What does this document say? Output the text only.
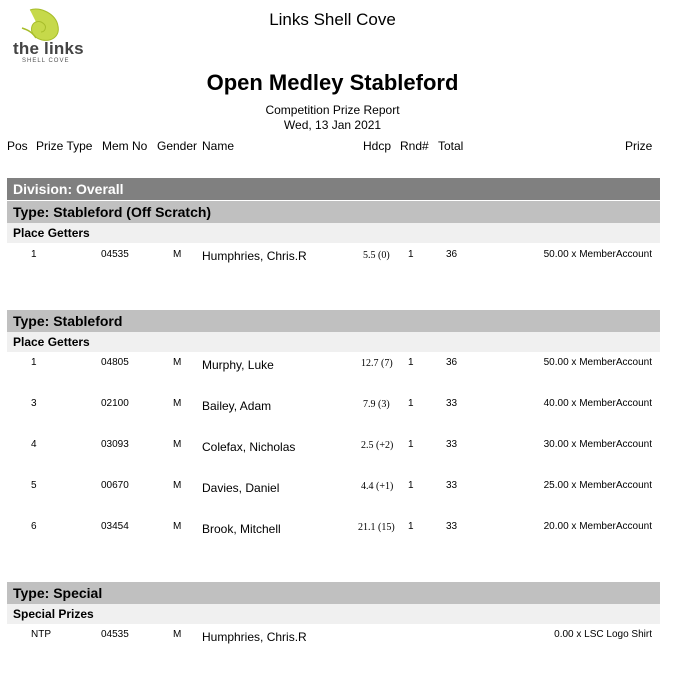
the links
SHELL COVE
Links Shell Cove
Open Medley Stableford
Competition Prize Report
Wed, 13 Jan 2021
Pos Prize Type Mem No Gender Name	Hdcp Rnd# Total	Prize
Division: Overall
Type: Stableford (Off Scratch)
Place Getters
1	04535	M Humphries, Chris.R	5.5 (0) 1	36	50.00 x MemberAccount
Type: Stableford
Place Getters
1	04805	M Murphy, Luke	12.7 (7) 1	36	50.00 x MemberAccount
3	02100	M Bailey, Adam	7.9 (3) 1	33	40.00 x MemberAccount
4	03093	M Colefax, Nicholas	2.5 (+2) 1	33	30.00 x MemberAccount
5	00670	M Davies, Daniel	4.4 (+1) 1	33	25.00 x MemberAccount
6	03454	M Brook, Mitchell	21.1 (15) 1	33	20.00 x MemberAccount
Type: Special
Special Prizes
NTP	04535	M Humphries, Chris.R	0.00 x LSC Logo Shirt
